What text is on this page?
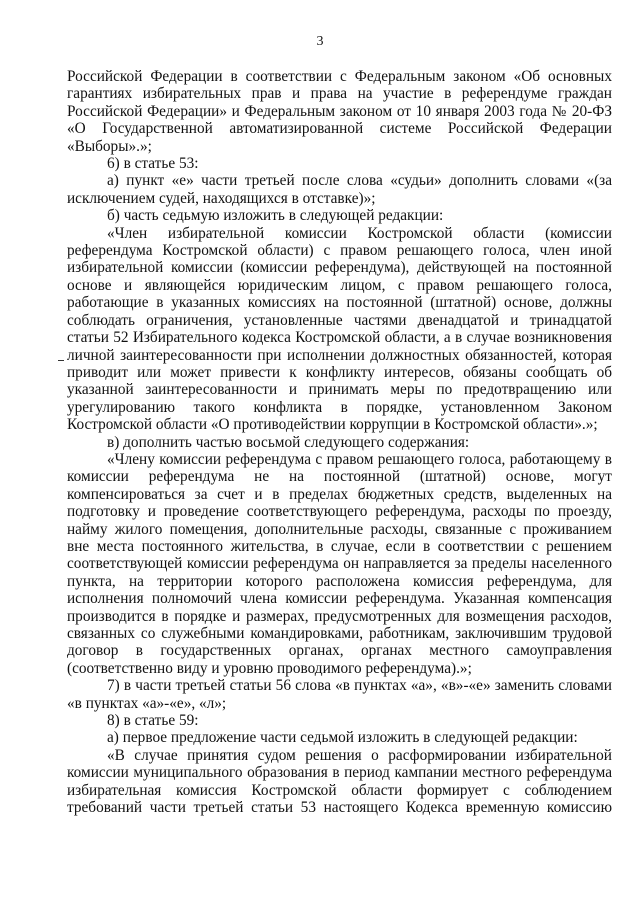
3

Российской Федерации в соответствии с Федеральным законом «Об основных гарантиях избирательных прав и права на участие в референдуме граждан Российской Федерации» и Федеральным законом от 10 января 2003 года № 20-ФЗ «О Государственной автоматизированной системе Российской Федерации «Выборы».»;

6) в статье 53:

а) пункт «е» части третьей после слова «судьи» дополнить словами «(за исключением судей, находящихся в отставке)»;

б) часть седьмую изложить в следующей редакции:

«Член избирательной комиссии Костромской области (комиссии референдума Костромской области) с правом решающего голоса, член иной избирательной комиссии (комиссии референдума), действующей на постоянной основе и являющейся юридическим лицом, с правом решающего голоса, работающие в указанных комиссиях на постоянной (штатной) основе, должны соблюдать ограничения, установленные частями двенадцатой и тринадцатой статьи 52 Избирательного кодекса Костромской области, а в случае возникновения личной заинтересованности при исполнении должностных обязанностей, которая приводит или может привести к конфликту интересов, обязаны сообщать об указанной заинтересованности и принимать меры по предотвращению или урегулированию такого конфликта в порядке, установленном Законом Костромской области «О противодействии коррупции в Костромской области».»;

в) дополнить частью восьмой следующего содержания:

«Члену комиссии референдума с правом решающего голоса, работающему в комиссии референдума не на постоянной (штатной) основе, могут компенсироваться за счет и в пределах бюджетных средств, выделенных на подготовку и проведение соответствующего референдума, расходы по проезду, найму жилого помещения, дополнительные расходы, связанные с проживанием вне места постоянного жительства, в случае, если в соответствии с решением соответствующей комиссии референдума он направляется за пределы населенного пункта, на территории которого расположена комиссия референдума, для исполнения полномочий члена комиссии референдума. Указанная компенсация производится в порядке и размерах, предусмотренных для возмещения расходов, связанных со служебными командировками, работникам, заключившим трудовой договор в государственных органах, органах местного самоуправления (соответственно виду и уровню проводимого референдума).»;

7) в части третьей статьи 56 слова «в пунктах «а», «в»-«е» заменить словами «в пунктах «а»-«е», «л»;

8) в статье 59:

а) первое предложение части седьмой изложить в следующей редакции:

«В случае принятия судом решения о расформировании избирательной комиссии муниципального образования в период кампании местного референдума избирательная комиссия Костромской области формирует с соблюдением требований части третьей статьи 53 настоящего Кодекса временную комиссию
